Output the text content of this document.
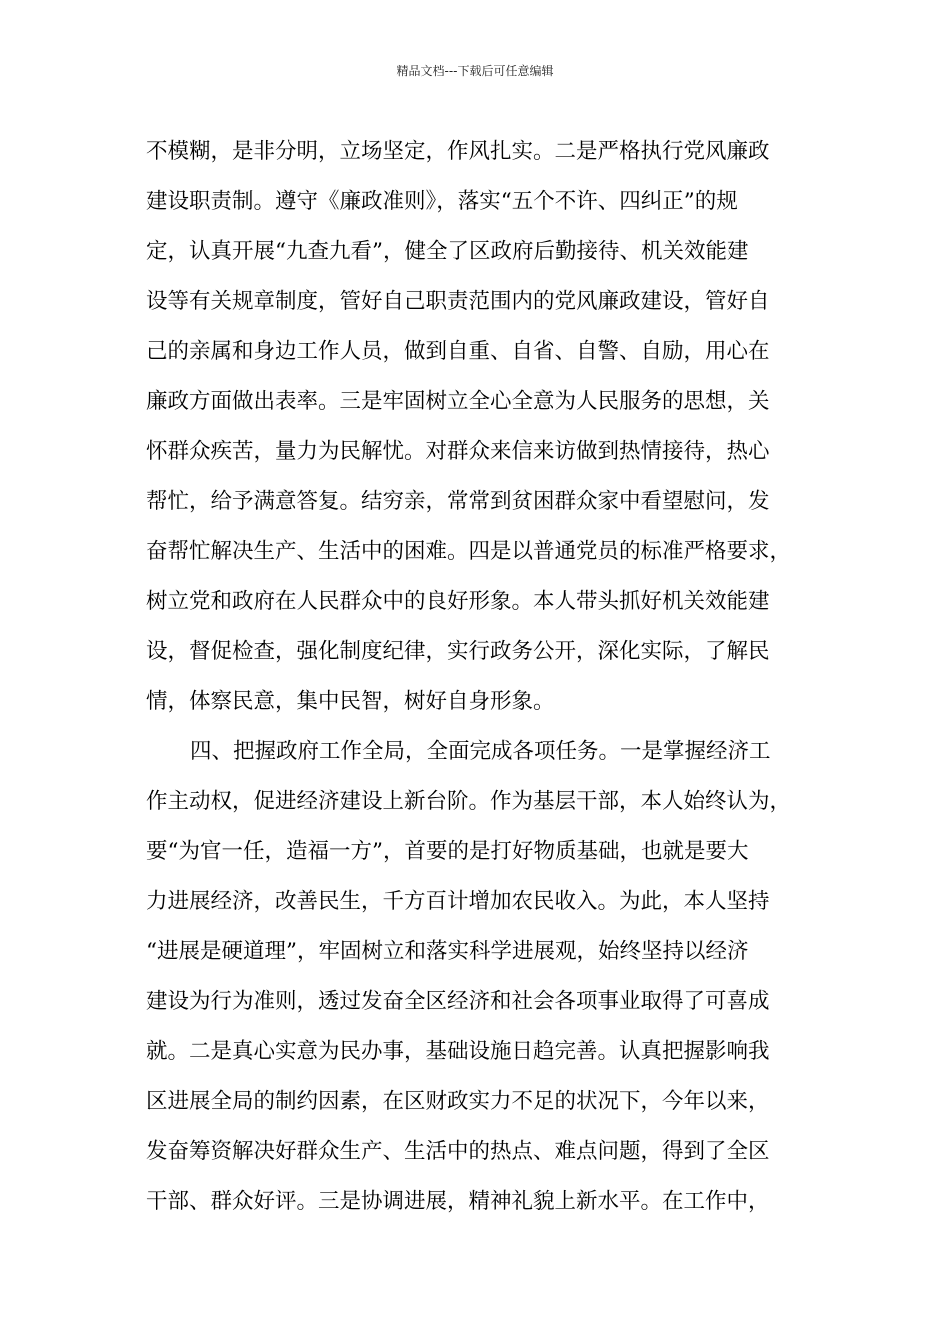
精品文档---下载后可任意编辑
不模糊，是非分明，立场坚定，作风扎实。二是严格执行党风廉政
建设职责制。遵守《廉政准则》，落实“五个不许、四纠正”的规
定，认真开展“九查九看”，健全了区政府后勤接待、机关效能建
设等有关规章制度，管好自己职责范围内的党风廉政建设，管好自
己的亲属和身边工作人员，做到自重、自省、自警、自励，用心在
廉政方面做出表率。三是牢固树立全心全意为人民服务的思想，关
怀群众疾苦，量力为民解忧。对群众来信来访做到热情接待，热心
帮忙，给予满意答复。结穷亲，常常到贫困群众家中看望慰问，发
奋帮忙解决生产、生活中的困难。四是以普通党员的标准严格要求，
树立党和政府在人民群众中的良好形象。本人带头抓好机关效能建
设，督促检查，强化制度纪律，实行政务公开，深化实际，了解民
情，体察民意，集中民智，树好自身形象。
四、把握政府工作全局，全面完成各项任务。一是掌握经济工
作主动权，促进经济建设上新台阶。作为基层干部，本人始终认为，
要“为官一任，造福一方”，首要的是打好物质基础，也就是要大
力进展经济，改善民生，千方百计增加农民收入。为此，本人坚持
“进展是硬道理”，牢固树立和落实科学进展观，始终坚持以经济
建设为行为准则，透过发奋全区经济和社会各项事业取得了可喜成
就。二是真心实意为民办事，基础设施日趋完善。认真把握影响我
区进展全局的制约因素，在区财政实力不足的状况下，今年以来，
发奋筹资解决好群众生产、生活中的热点、难点问题，得到了全区
干部、群众好评。三是协调进展，精神礼貌上新水平。在工作中，
